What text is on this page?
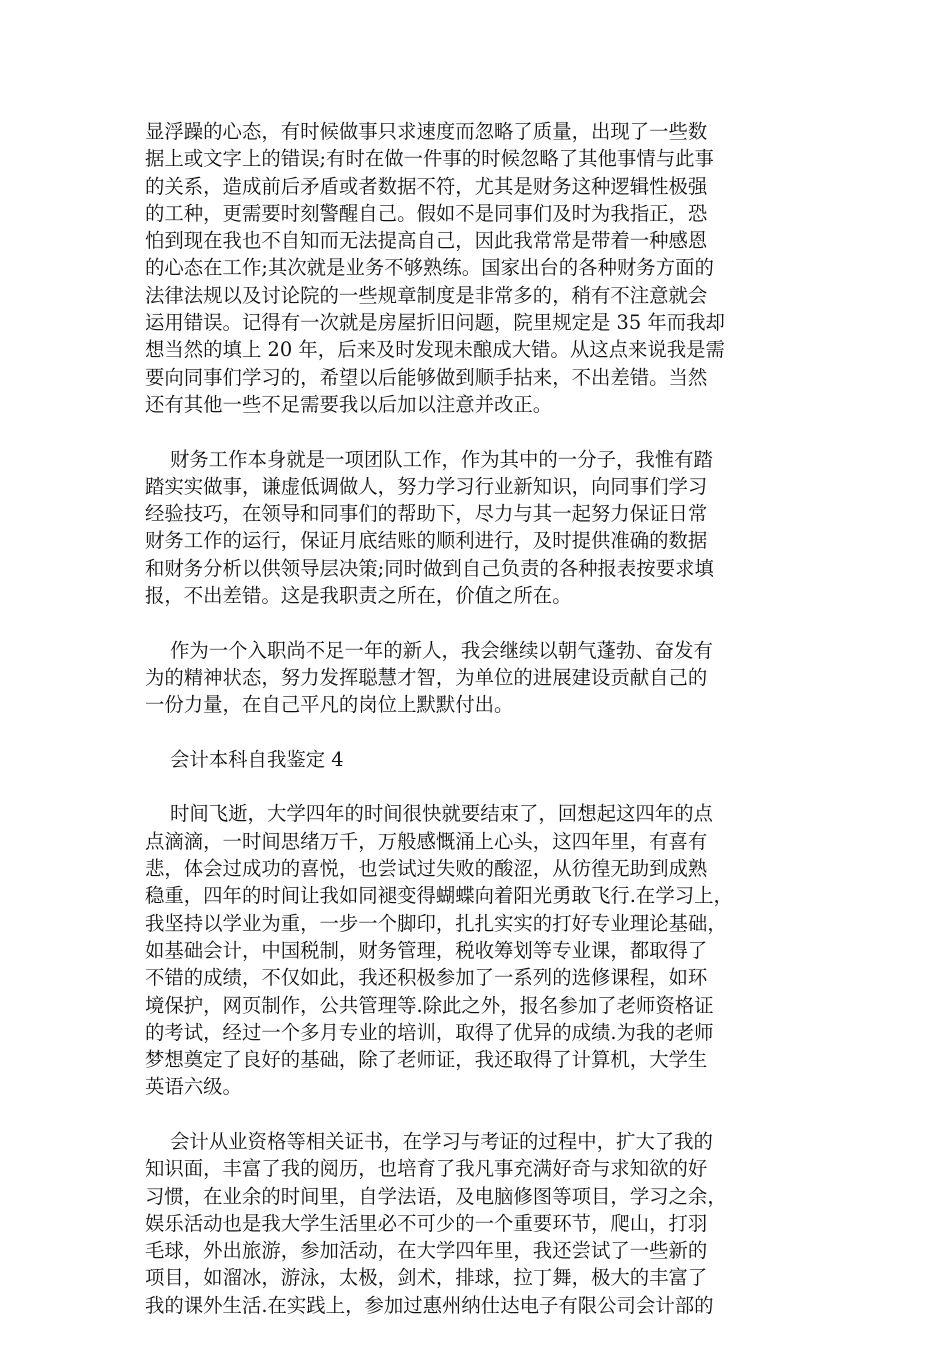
显浮躁的心态，有时候做事只求速度而忽略了质量，出现了一些数
据上或文字上的错误;有时在做一件事的时候忽略了其他事情与此事
的关系，造成前后矛盾或者数据不符，尤其是财务这种逻辑性极强
的工种，更需要时刻警醒自己。假如不是同事们及时为我指正，恐
怕到现在我也不自知而无法提高自己，因此我常常是带着一种感恩
的心态在工作;其次就是业务不够熟练。国家出台的各种财务方面的
法律法规以及讨论院的一些规章制度是非常多的，稍有不注意就会
运用错误。记得有一次就是房屋折旧问题，院里规定是 35 年而我却
想当然的填上 20 年，后来及时发现未酿成大错。从这点来说我是需
要向同事们学习的，希望以后能够做到顺手拈来，不出差错。当然
还有其他一些不足需要我以后加以注意并改正。
财务工作本身就是一项团队工作，作为其中的一分子，我惟有踏
踏实实做事，谦虚低调做人，努力学习行业新知识，向同事们学习
经验技巧，在领导和同事们的帮助下，尽力与其一起努力保证日常
财务工作的运行，保证月底结账的顺利进行，及时提供准确的数据
和财务分析以供领导层决策;同时做到自己负责的各种报表按要求填
报，不出差错。这是我职责之所在，价值之所在。
作为一个入职尚不足一年的新人，我会继续以朝气蓬勃、奋发有
为的精神状态，努力发挥聪慧才智，为单位的进展建设贡献自己的
一份力量，在自己平凡的岗位上默默付出。
会计本科自我鉴定 4
时间飞逝，大学四年的时间很快就要结束了，回想起这四年的点
点滴滴，一时间思绪万千，万般感慨涌上心头，这四年里，有喜有
悲，体会过成功的喜悦，也尝试过失败的酸涩，从彷徨无助到成熟
稳重，四年的时间让我如同褪变得蝴蝶向着阳光勇敢飞行.在学习上，
我坚持以学业为重，一步一个脚印，扎扎实实的打好专业理论基础，
如基础会计，中国税制，财务管理，税收筹划等专业课，都取得了
不错的成绩，不仅如此，我还积极参加了一系列的选修课程，如环
境保护，网页制作，公共管理等.除此之外，报名参加了老师资格证
的考试，经过一个多月专业的培训，取得了优异的成绩.为我的老师
梦想奠定了良好的基础，除了老师证，我还取得了计算机，大学生
英语六级。
会计从业资格等相关证书，在学习与考证的过程中，扩大了我的
知识面，丰富了我的阅历，也培育了我凡事充满好奇与求知欲的好
习惯，在业余的时间里，自学法语，及电脑修图等项目，学习之余，
娱乐活动也是我大学生活里必不可少的一个重要环节，爬山，打羽
毛球，外出旅游，参加活动，在大学四年里，我还尝试了一些新的
项目，如溜冰，游泳，太极，剑术，排球，拉丁舞，极大的丰富了
我的课外生活.在实践上，参加过惠州纳仕达电子有限公司会计部的
